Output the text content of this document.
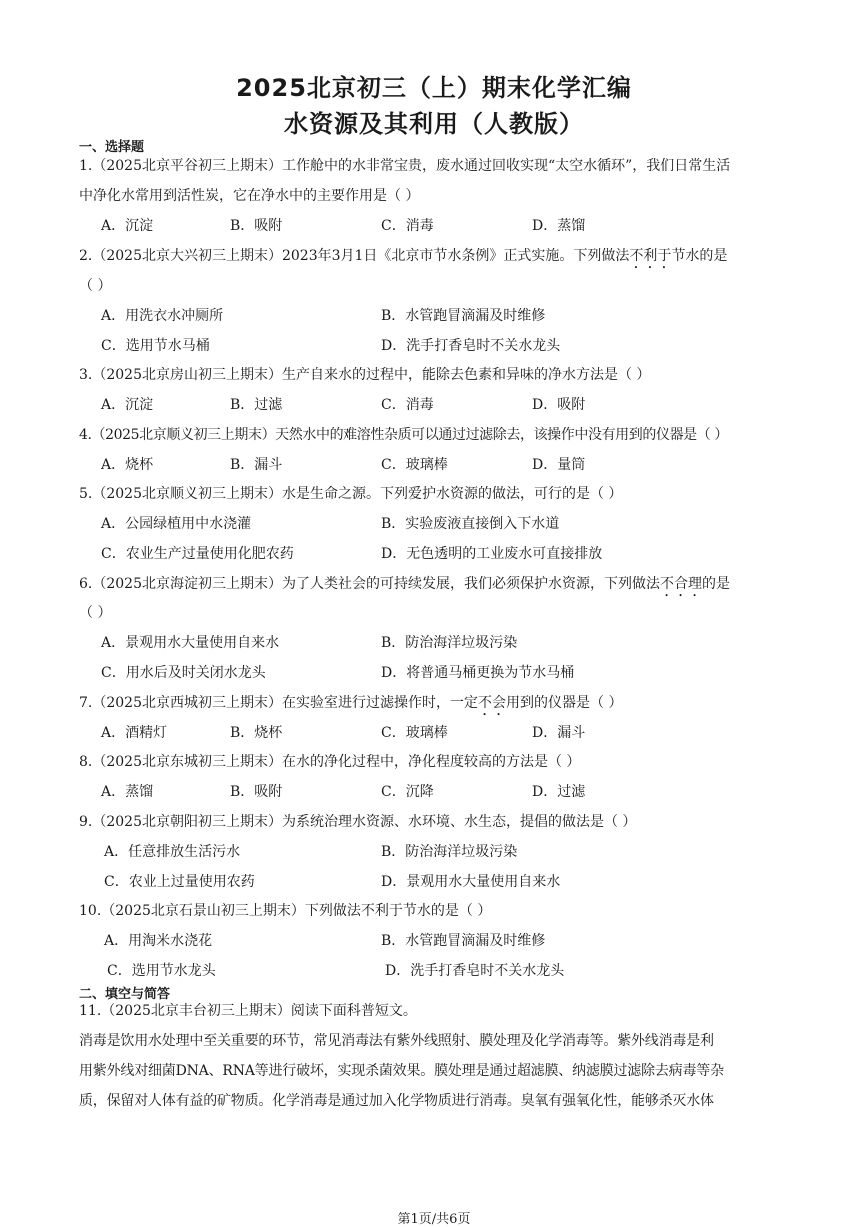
2025北京初三（上）期末化学汇编
水资源及其利用（人教版）
一、选择题
1.（2025北京平谷初三上期末）工作舱中的水非常宝贵，废水通过回收实现“太空水循环”，我们日常生活
中净化水常用到活性炭，它在净水中的主要作用是（ ）
A．沉淀	B．吸附	C．消毒	D．蒸馏
2.（2025北京大兴初三上期末）2023年3月1日《北京市节水条例》正式实施。下列做法不利于节水的是
（ ）
A．用洗衣水冲厕所	B．水管跑冒滴漏及时维修
C．选用节水马桶	D．洗手打香皂时不关水龙头
3.（2025北京房山初三上期末）生产自来水的过程中，能除去色素和异味的净水方法是（ ）
A．沉淀	B．过滤	C．消毒	D．吸附
4.（2025北京顺义初三上期末）天然水中的难溶性杂质可以通过过滤除去，该操作中没有用到的仪器是（ ）
A．烧杯	B．漏斗	C．玻璃棒	D．量筒
5.（2025北京顺义初三上期末）水是生命之源。下列爱护水资源的做法，可行的是（ ）
A．公园绿植用中水浇灌	B．实验废液直接倒入下水道
C．农业生产过量使用化肥农药	D．无色透明的工业废水可直接排放
6.（2025北京海淀初三上期末）为了人类社会的可持续发展，我们必须保护水资源，下列做法不合理的是
（ ）
A．景观用水大量使用自来水	B．防治海洋垃圾污染
C．用水后及时关闭水龙头	D．将普通马桶更换为节水马桶
7.（2025北京西城初三上期末）在实验室进行过滤操作时，一定不会用到的仪器是（ ）
A．酒精灯	B．烧杯	C．玻璃棒	D．漏斗
8.（2025北京东城初三上期末）在水的净化过程中，净化程度较高的方法是（ ）
A．蒸馏	B．吸附	C．沉降	D．过滤
9.（2025北京朝阳初三上期末）为系统治理水资源、水环境、水生态，提倡的做法是（ ）
A．任意排放生活污水	B．防治海洋垃圾污染
C．农业上过量使用农药	D．景观用水大量使用自来水
10.（2025北京石景山初三上期末）下列做法不利于节水的是（ ）
A．用淘米水浇花	B．水管跑冒滴漏及时维修
C．选用节水龙头	D．洗手打香皂时不关水龙头
二、填空与简答
11.（2025北京丰台初三上期末）阅读下面科普短文。
消毒是饮用水处理中至关重要的环节，常见消毒法有紫外线照射、膜处理及化学消毒等。紫外线消毒是利
用紫外线对细菌DNA、RNA等进行破坏，实现杀菌效果。膜处理是通过超滤膜、纳滤膜过滤除去病毒等杂
质，保留对人体有益的矿物质。化学消毒是通过加入化学物质进行消毒。臭氧有强氧化性，能够杀灭水体
第1页/共6页
